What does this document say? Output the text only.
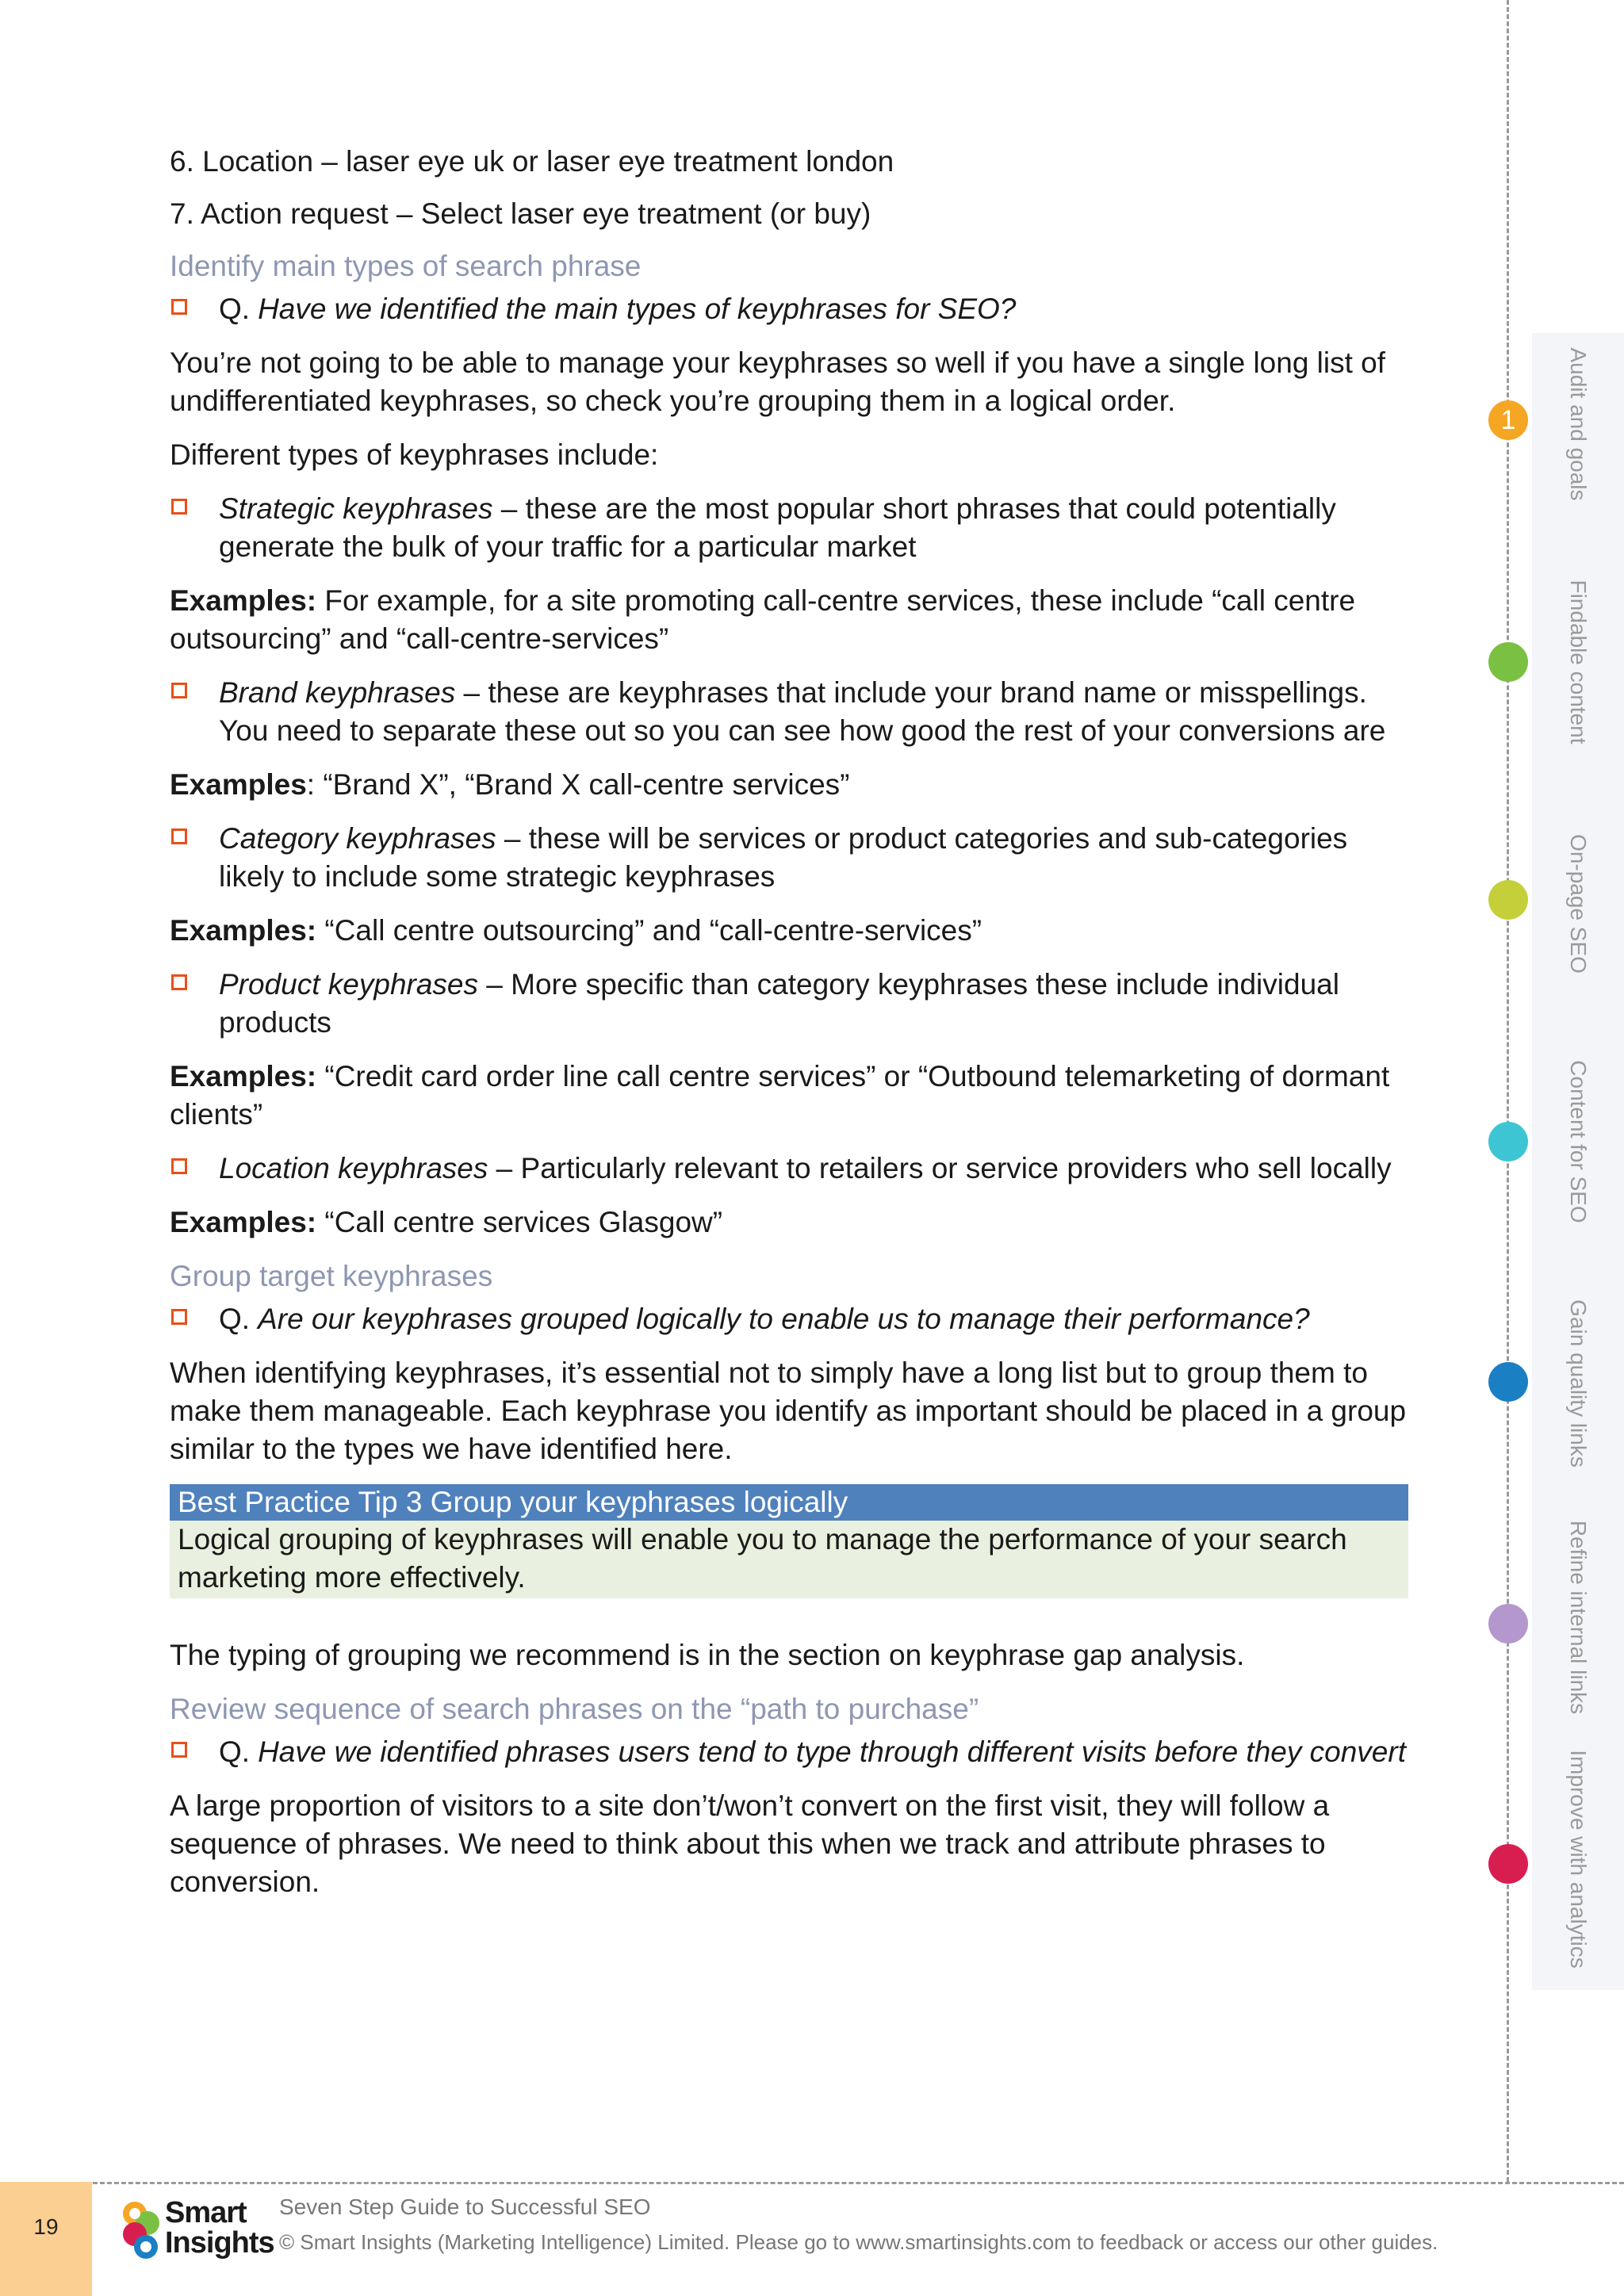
6. Location – laser eye uk or laser eye treatment london

7. Action request – Select laser eye treatment (or buy)

Identify main types of search phrase
Q. Have we identified the main types of keyphrases for SEO?

You’re not going to be able to manage your keyphrases so well if you have a single long list of undifferentiated keyphrases, so check you’re grouping them in a logical order.

Different types of keyphrases include:

Strategic keyphrases – these are the most popular short phrases that could potentially generate the bulk of your traffic for a particular market

Examples: For example, for a site promoting call-centre services, these include “call centre outsourcing” and “call-centre-services”

Brand keyphrases – these are keyphrases that include your brand name or misspellings. You need to separate these out so you can see how good the rest of your conversions are

Examples: “Brand X”, “Brand X call-centre services”

Category keyphrases – these will be services or product categories and sub-categories likely to include some strategic keyphrases

Examples: “Call centre outsourcing” and “call-centre-services”

Product keyphrases – More specific than category keyphrases these include individual products

Examples: “Credit card order line call centre services” or “Outbound telemarketing of dormant clients”

Location keyphrases – Particularly relevant to retailers or service providers who sell locally

Examples: “Call centre services Glasgow”

Group target keyphrases
Q. Are our keyphrases grouped logically to enable us to manage their performance?

When identifying keyphrases, it’s essential not to simply have a long list but to group them to make them manageable. Each keyphrase you identify as important should be placed in a group similar to the types we have identified here.

Best Practice Tip 3 Group your keyphrases logically
Logical grouping of keyphrases will enable you to manage the performance of your search marketing more effectively.

The typing of grouping we recommend is in the section on keyphrase gap analysis.

Review sequence of search phrases on the “path to purchase”
Q. Have we identified phrases users tend to type through different visits before they convert

A large proportion of visitors to a site don’t/won’t convert on the first visit, they will follow a sequence of phrases. We need to think about this when we track and attribute phrases to conversion.

1	Audit and goals
Findable content
On-page SEO
Content for SEO
Gain quality links
Refine internal links
Improve with analytics
19	Smart
Insights
Seven Step Guide to Successful SEO
© Smart Insights (Marketing Intelligence) Limited. Please go to www.smartinsights.com to feedback or access our other guides.
